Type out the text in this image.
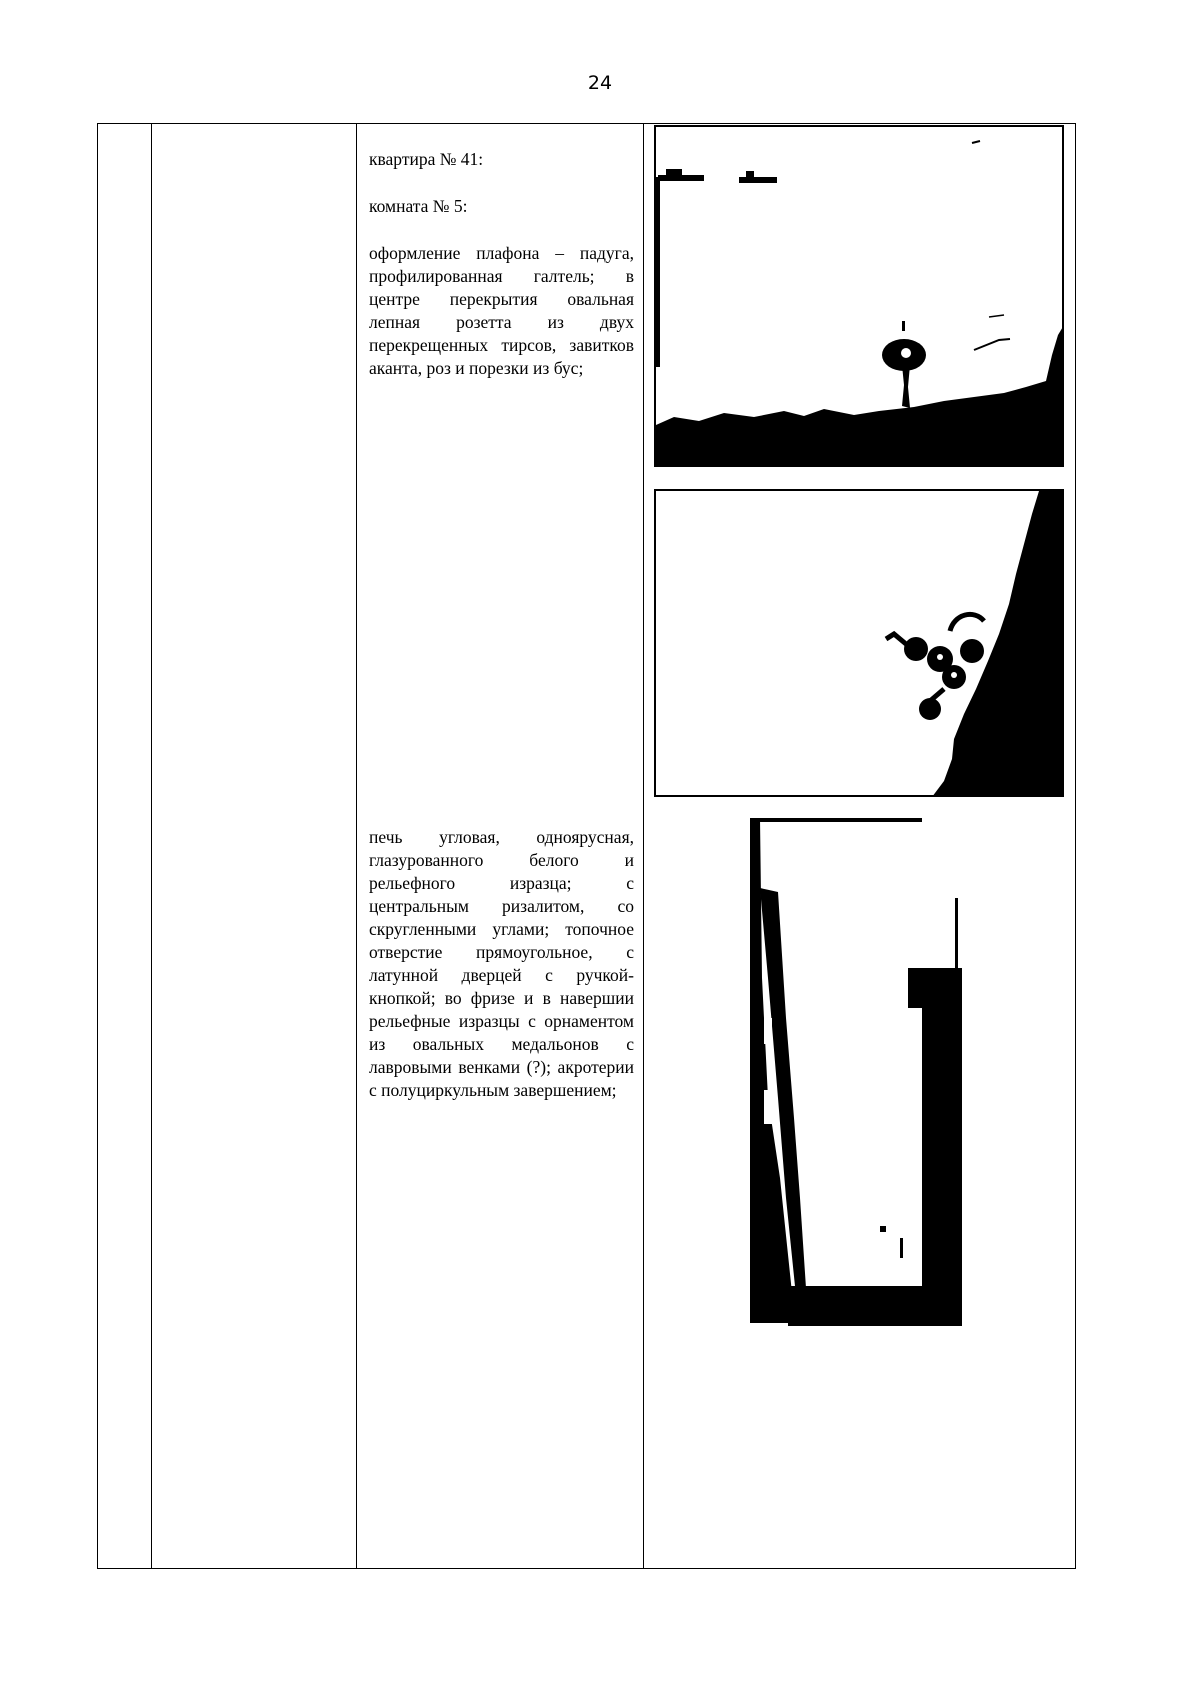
24

квартира № 41:

комната № 5:

оформление плафона – падуга, профилированная галтель; в центре перекрытия овальная лепная розетта из двух перекрещенных тирсов, завитков аканта, роз и порезки из бус;

печь угловая, одноярусная, глазурованного белого и рельефного изразца; с центральным ризалитом, со скругленными углами; топочное отверстие прямоугольное, с латунной дверцей с ручкой-кнопкой; во фризе и в навершии рельефные изразцы с орнаментом из овальных медальонов с лавровыми венками (?); акротерии с полуциркульным завершением;
